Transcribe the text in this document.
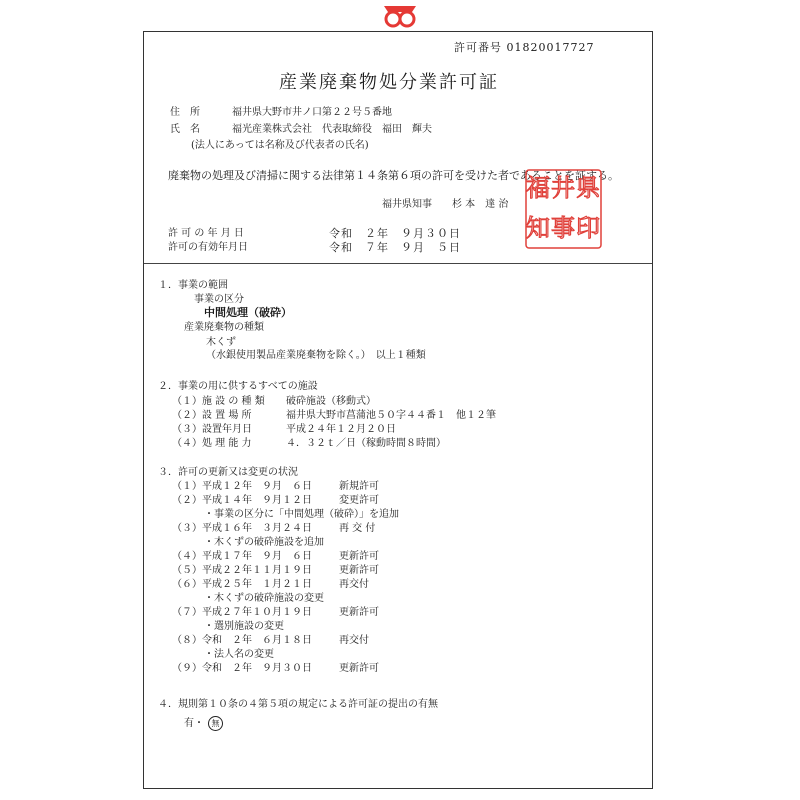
許可番号 01820017727
産業廃棄物処分業許可証
住　所	福井県大野市井ノ口第２２号５番地
氏　名	福光産業株式会社　代表取締役　福田　輝夫
(法人にあっては名称及び代表者の氏名)
廃棄物の処理及び清掃に関する法律第１４条第６項の許可を受けた者であることを証する。
福井県知事　　杉 本　達 治
許 可 の 年 月 日	令和　２年　９月３０日
許可の有効年月日	令和　７年　９月　５日
１．事業の範囲
事業の区分
中間処理（破砕）
産業廃棄物の種類
木くず
（水銀使用製品産業廃棄物を除く。）　以上１種類
２．事業の用に供するすべての施設
（１）施 設 の 種 類 破砕施設（移動式）
（２）設 置 場 所	福井県大野市菖蒲池５０字４４番１　他１２筆
（３）設置年月日	平成２４年１２月２０日
（４）処 理 能 力	４．３２ｔ／日（稼動時間８時間）
３．許可の更新又は変更の状況
（１）平成１２年　９月　６日	新規許可
（２）平成１４年　９月１２日	変更許可
・事業の区分に「中間処理（破砕）」を追加
（３）平成１６年　３月２４日	再 交 付
・木くずの破砕施設を追加
（４）平成１７年　９月　６日	更新許可
（５）平成２２年１１月１９日	更新許可
（６）平成２５年　１月２１日	再交付
・木くずの破砕施設の変更
（７）平成２７年１０月１９日	更新許可
・選別施設の変更
（８）令和　２年　６月１８日	再交付
・法人名の変更
（９）令和　２年　９月３０日	更新許可
４．規則第１０条の４第５項の規定による許可証の提出の有無
有・ 無
福 井 県
知 事 印
